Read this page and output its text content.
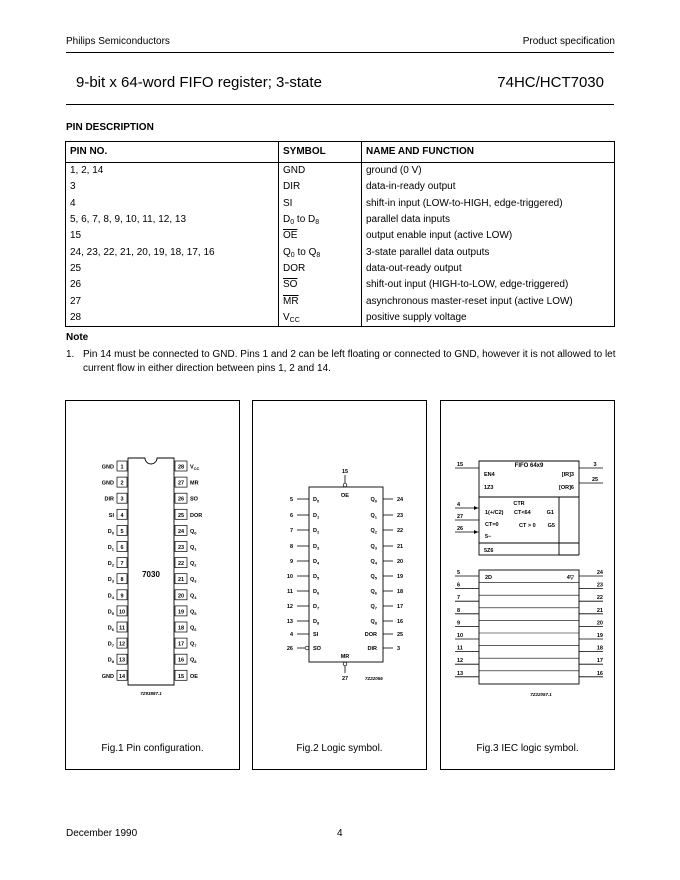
Philips Semiconductors	Product specification
9-bit x 64-word FIFO register; 3-state	74HC/HCT7030
PIN DESCRIPTION
PIN NO.	SYMBOL	NAME AND FUNCTION
1, 2, 14	GND	ground (0 V)
3	DIR	data-in-ready output
4	SI	shift-in input (LOW-to-HIGH, edge-triggered)
5, 6, 7, 8, 9, 10, 11, 12, 13	$D_0$ to $D_8$	parallel data inputs
15	$\overline{OE}$	output enable input (active LOW)
24, 23, 22, 21, 20, 19, 18, 17, 16	$Q_0$ to $Q_8$	3-state parallel data outputs
25	DOR	data-out-ready output
26	$\overline{SO}$	shift-out input (HIGH-to-LOW, edge-triggered)
27	$\overline{MR}$	asynchronous master-reset input (active LOW)
28	$V_{CC}$	positive supply voltage
Note
1. Pin 14 must be connected to GND. Pins 1 and 2 can be left floating or connected to GND, however it is not allowed to let current flow in either direction between pins 1, 2 and 14.
1
GND
2
GND
3
DIR
4
SI
5
$D_0$
6
$D_1$
7
$D_2$
8
$D_3$
9
$D_4$
10
$D_5$
11
$D_6$
12
$D_7$
13
$D_8$
14
GND
28 $V_{CC}$
27 MR
26 SO
25 DOR
24 $Q_0$
23 $Q_1$
22 $Q_2$
21 $Q_3$
20 $Q_4$
19 $Q_5$
18 $Q_6$
17 $Q_7$
16 $Q_8$
15 OE
7030
7Z93887.1
Fig.1 Pin configuration.
5	$D_0$
6	$D_1$
7	$D_2$
8	$D_3$
9	$D_4$
10	$D_5$
11	$D_6$
12	$D_7$
13	$D_8$
4	SI
26	SO
24
$Q_0$
23
$Q_1$
22
$Q_2$
21
$Q_3$
20
$Q_4$
19
$Q_5$
18
$Q_6$
17
$Q_7$
16
$Q_8$
25
DOR
3
DIR
15
OE
27
MR
7Z22056
Fig.2 Logic symbol.
FIFO 64x9
EN4	[IR]3
1Z3	[OR]6
CTR
1(+/C2) CT<64	G1
CT=0	CT > 0 G5
5−
5Z6
15
4
27
26
3
25
5	24
6	23
7	22
8	21
9	20
10	19
11	18
12	17
13	16
2D	4▽
7Z22057.1
Fig.3 IEC logic symbol.
December 1990	4
